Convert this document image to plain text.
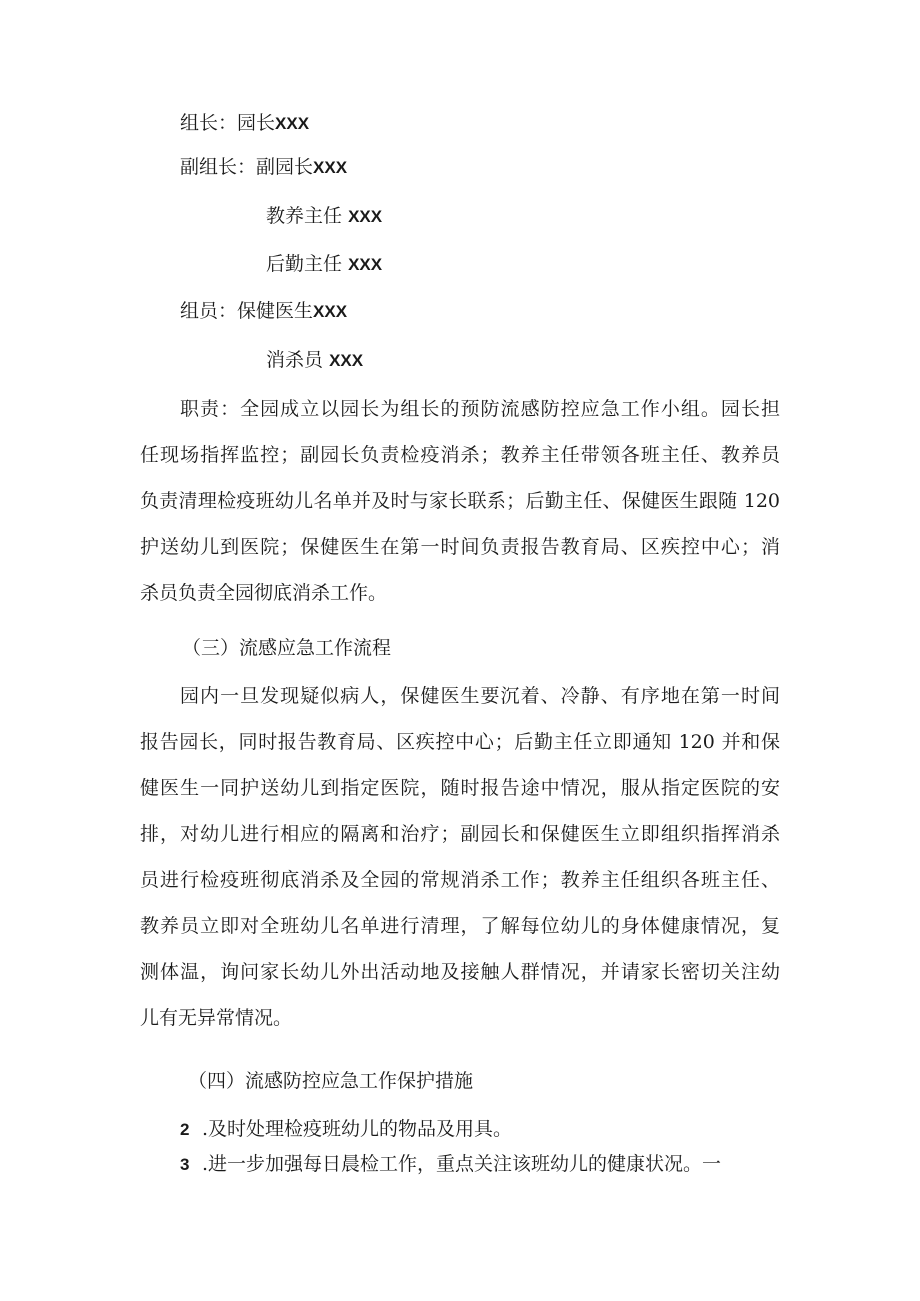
组长：园长XXX
副组长：副园长XXX
教养主任 XXX
后勤主任 XXX
组员：保健医生XXX
消杀员 XXX
职责：全园成立以园长为组长的预防流感防控应急工作小组。园长担
任现场指挥监控；副园长负责检疫消杀；教养主任带领各班主任、教养员
负责清理检疫班幼儿名单并及时与家长联系；后勤主任、保健医生跟随 120
护送幼儿到医院；保健医生在第一时间负责报告教育局、区疾控中心；消
杀员负责全园彻底消杀工作。
（三）流感应急工作流程
园内一旦发现疑似病人，保健医生要沉着、冷静、有序地在第一时间
报告园长，同时报告教育局、区疾控中心；后勤主任立即通知 120 并和保
健医生一同护送幼儿到指定医院，随时报告途中情况，服从指定医院的安
排，对幼儿进行相应的隔离和治疗；副园长和保健医生立即组织指挥消杀
员进行检疫班彻底消杀及全园的常规消杀工作；教养主任组织各班主任、
教养员立即对全班幼儿名单进行清理，了解每位幼儿的身体健康情况，复
测体温，询问家长幼儿外出活动地及接触人群情况，并请家长密切关注幼
儿有无异常情况。
（四）流感防控应急工作保护措施
2 .及时处理检疫班幼儿的物品及用具。
3 .进一步加强每日晨检工作，重点关注该班幼儿的健康状况。一
